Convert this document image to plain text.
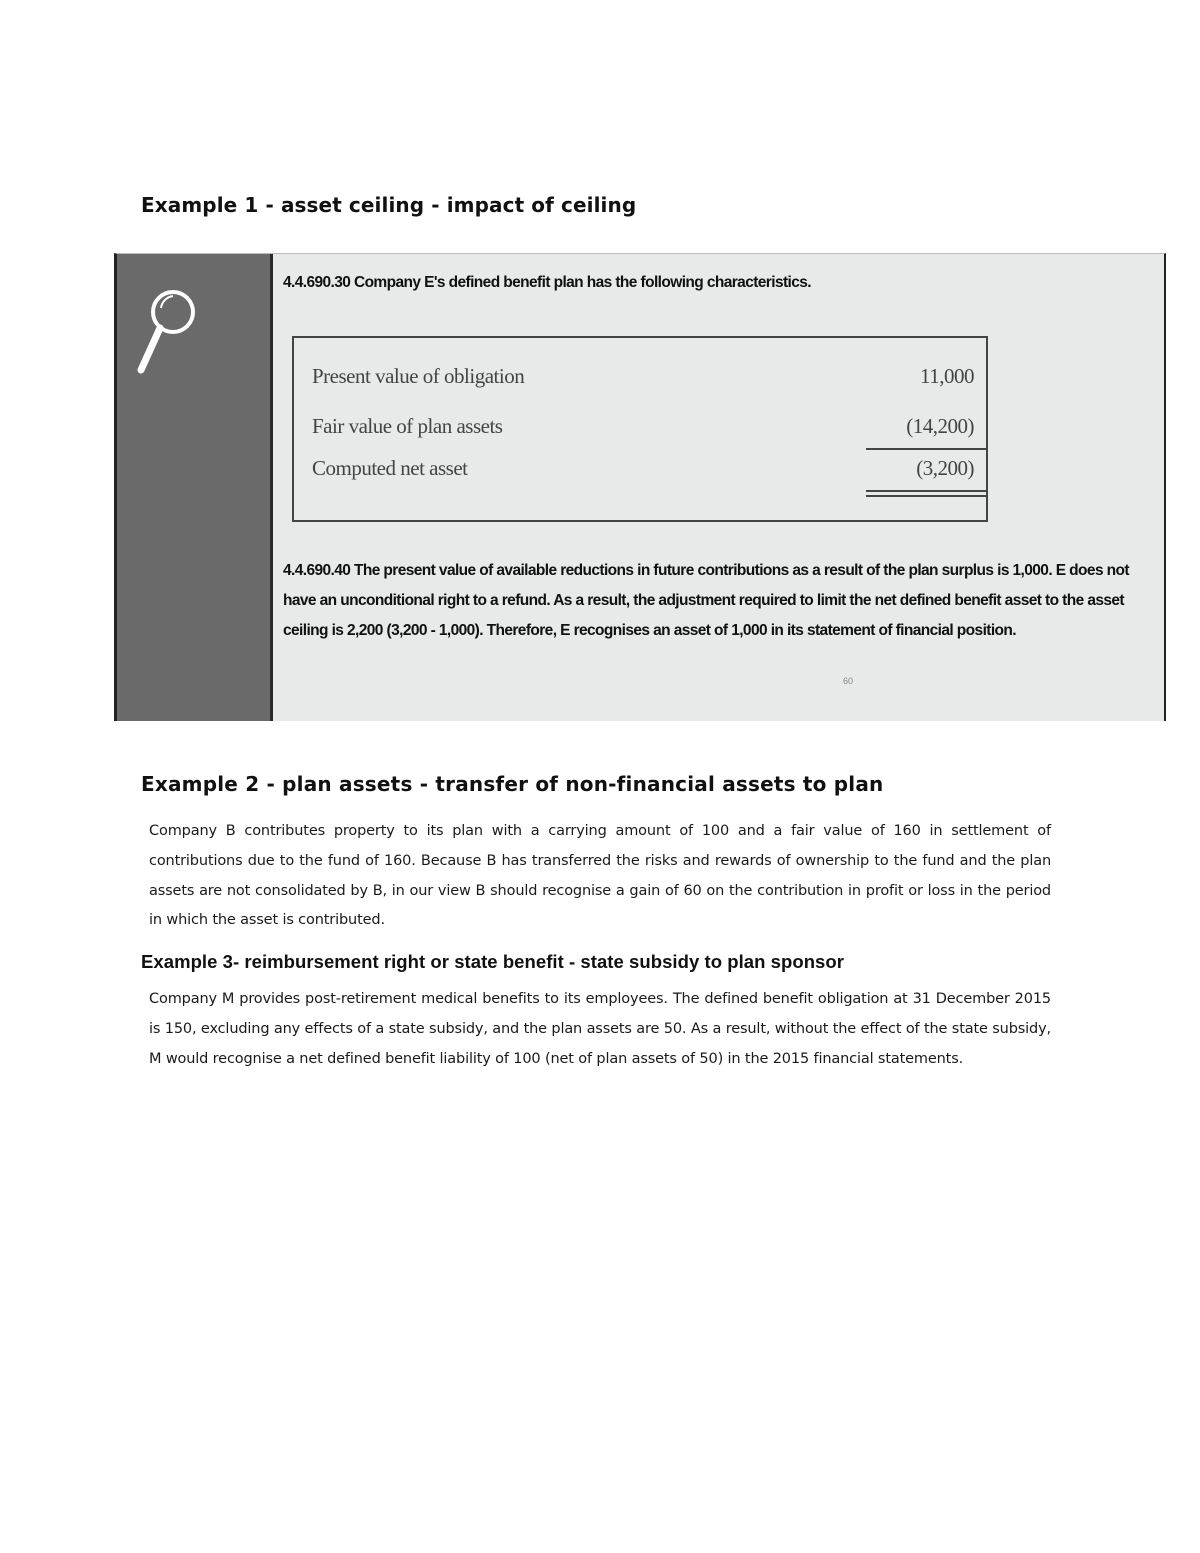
Example 1 - asset ceiling - impact of ceiling
4.4.690.30 Company E's defined benefit plan has the following characteristics.
Present value of obligation	11,000
Fair value of plan assets	(14,200)
Computed net asset	(3,200)
4.4.690.40 The present value of available reductions in future contributions as a result of the plan surplus is 1,000. E does not have an unconditional right to a refund. As a result, the adjustment required to limit the net defined benefit asset to the asset ceiling is 2,200 (3,200 - 1,000). Therefore, E recognises an asset of 1,000 in its statement of financial position.
60
Example 2 - plan assets - transfer of non-financial assets to plan
Company B contributes property to its plan with a carrying amount of 100 and a fair value of 160 in settlement of contributions due to the fund of 160. Because B has transferred the risks and rewards of ownership to the fund and the plan assets are not consolidated by B, in our view B should recognise a gain of 60 on the contribution in profit or loss in the period in which the asset is contributed.
Example 3- reimbursement right or state benefit - state subsidy to plan sponsor
Company M provides post-retirement medical benefits to its employees. The defined benefit obligation at 31 December 2015 is 150, excluding any effects of a state subsidy, and the plan assets are 50. As a result, without the effect of the state subsidy, M would recognise a net defined benefit liability of 100 (net of plan assets of 50) in the 2015 financial statements.
